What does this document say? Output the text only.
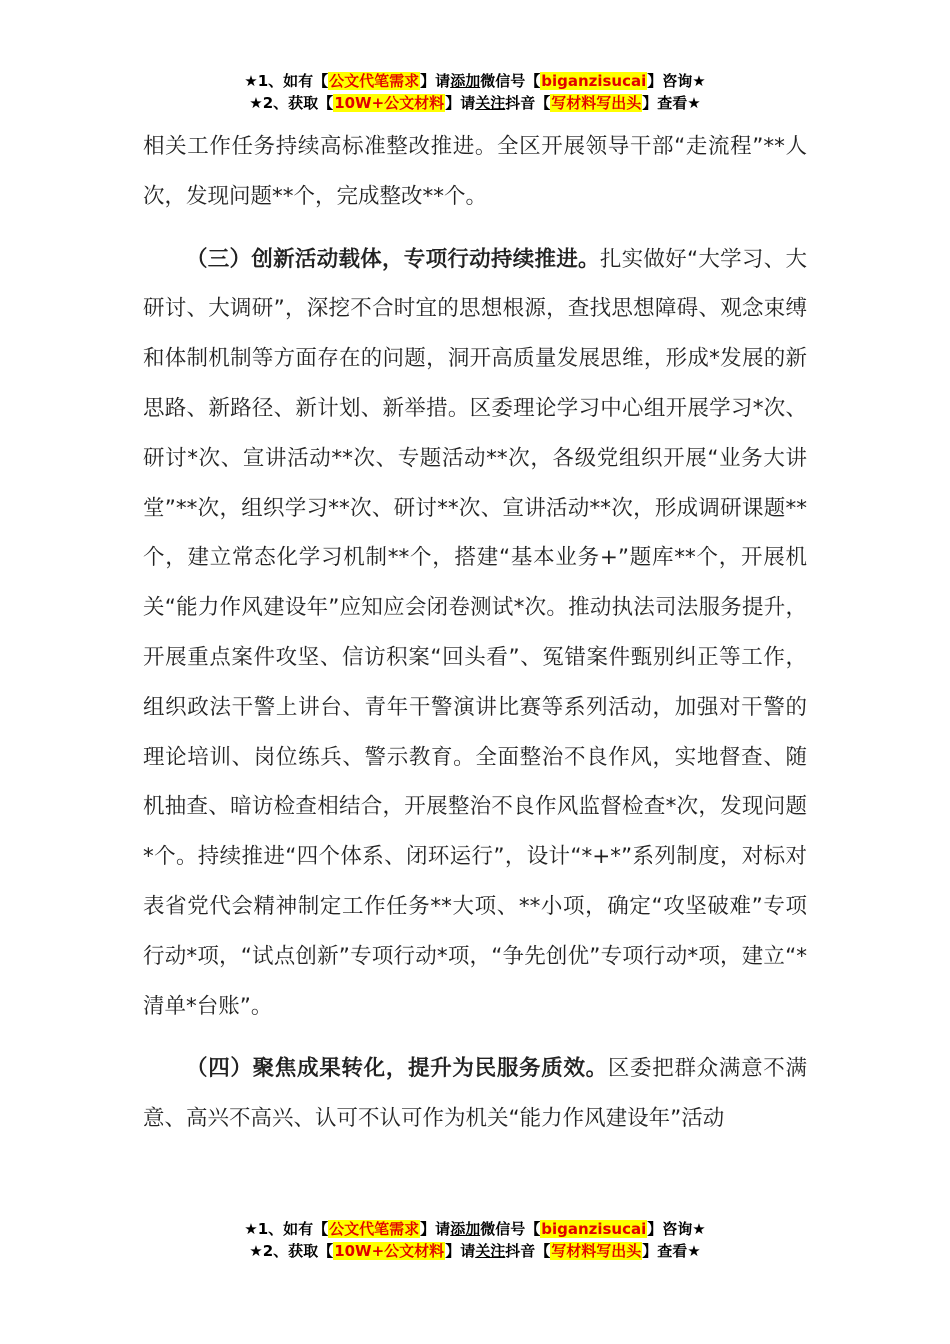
★1、如有【公文代笔需求】请添加微信号【biganzisucai】咨询★
★2、获取【10W+公文材料】请关注抖音【写材料写出头】查看★

相关工作任务持续高标准整改推进。全区开展领导干部“走流程”**人次，发现问题**个，完成整改**个。

（三）创新活动载体，专项行动持续推进。扎实做好“大学习、大研讨、大调研”，深挖不合时宜的思想根源，查找思想障碍、观念束缚和体制机制等方面存在的问题，洞开高质量发展思维，形成*发展的新思路、新路径、新计划、新举措。区委理论学习中心组开展学习*次、研讨*次、宣讲活动**次、专题活动**次，各级党组织开展“业务大讲堂”**次，组织学习**次、研讨**次、宣讲活动**次，形成调研课题**个，建立常态化学习机制**个，搭建“基本业务+”题库**个，开展机关“能力作风建设年”应知应会闭卷测试*次。推动执法司法服务提升，开展重点案件攻坚、信访积案“回头看”、冤错案件甄别纠正等工作，组织政法干警上讲台、青年干警演讲比赛等系列活动，加强对干警的理论培训、岗位练兵、警示教育。全面整治不良作风，实地督查、随机抽查、暗访检查相结合，开展整治不良作风监督检查*次，发现问题*个。持续推进“四个体系、闭环运行”，设计“*+*”系列制度，对标对表省党代会精神制定工作任务**大项、**小项，确定“攻坚破难”专项行动*项，“试点创新”专项行动*项，“争先创优”专项行动*项，建立“*清单*台账”。

（四）聚焦成果转化，提升为民服务质效。区委把群众满意不满意、高兴不高兴、认可不认可作为机关“能力作风建设年”活动

★1、如有【公文代笔需求】请添加微信号【biganzisucai】咨询★
★2、获取【10W+公文材料】请关注抖音【写材料写出头】查看★
